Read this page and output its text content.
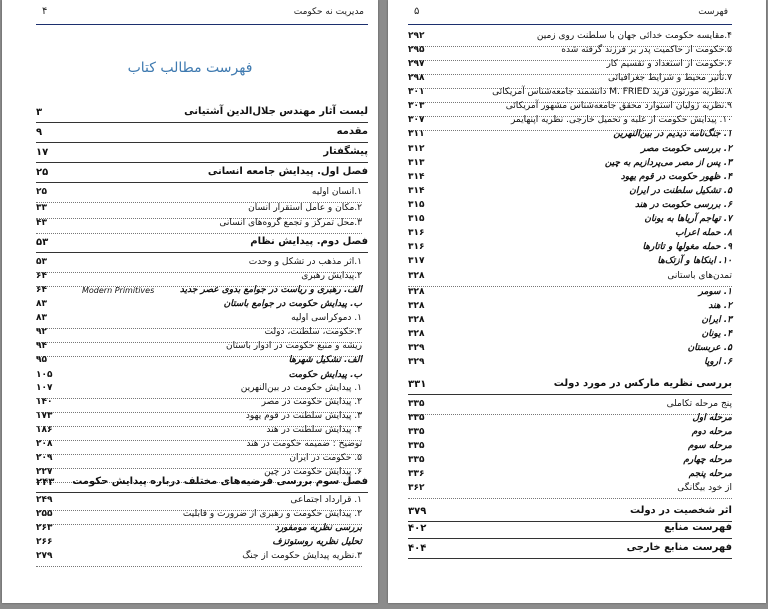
۴	مدیریت نه حکومت
فهرست مطالب کتاب
لیست آثار مهندس جلال‌الدین آشتیانی
۳
مقدمه
۹
پیشگفتار
۱۷
فصل اول. پیدایش جامعه انسانی
۲۵
۱.انسان اولیه
۲۵
۲.مکان و عامل استقرار انسان
۳۳
۳.محل تمرکز و تجمع گروه‌های انسانی
۴۳
فصل دوم. پیدایش نظام
۵۳
۱.اثر مذهب در تشکل و وحدت
۵۳
۲.پیدایش رهبری
۶۴
الف. رهبری و ریاست در جوامع بدوی عصر جدید
Modern Primitives
۶۴
ب. پیدایش حکومت در جوامع باستان
۸۳
۱. دموکراسی اولیه
۸۳
۲.حکومت، سلطنت، دولت
۹۲
ریشه و منبع حکومت در ادوار باستان
۹۴
الف. تشکیل شهرها
۹۵
ب. پیدایش حکومت
۱۰۵
۱. پیدایش حکومت در بین‌النهرین
۱۰۷
۲. پیدایش حکومت در مصر
۱۴۰
۳. پیدایش سلطنت در قوم یهود
۱۷۳
۴. پیدایش سلطنت در هند
۱۸۶
توضیح : ضمیمه حکومت در هند
۲۰۸
۵. حکومت در ایران
۲۰۹
۶. پیدایش حکومت در چین
۲۲۷
فصل سوم بررسی فرضیه‌های مختلف درباره پیدایش حکومت
۲۴۳
۱. قرارداد اجتماعی
۲۴۹
۲. پیدایش حکومت و رهبری از ضرورت و قابلیت
۲۵۵
بررسی نظریه مومفورد
۲۶۳
تحلیل نظریه روستوتزف
۲۶۶
۳.نظریه پیدایش حکومت از جنگ
۲۷۹
۵	فهرست
۴.مقایسه حکومت خدائی جهان با سلطنت روی زمین
۲۹۲
۵.حکومت از حاکمیت پدر بر فرزند گرفته شده
۲۹۵
۶.حکومت از استعداد و تقسیم کار
۲۹۷
۷.تأثیر محیط و شرایط جغرافیائی
۲۹۸
۸.نظریه مورتون فرید M. FRIED دانشمند جامعه‌شناس آمریکائی
۳۰۱
۹.نظریه ژولیان استوارد محقق جامعه‌شناس مشهور آمریکائی
۳۰۳
۱۰. پیدایش حکومت از غلبه و تحمیل خارجی. نظریه اپنهایمر
۳۰۷
۱. جنگ‌نامه دیدیم در بین‌النهرین
۳۱۱
۲. بررسی حکومت مصر
۳۱۲
۳. پس از مصر می‌پردازیم به چین
۳۱۳
۴. ظهور حکومت در قوم یهود
۳۱۴
۵. تشکیل سلطنت در ایران
۳۱۴
۶. بررسی حکومت در هند
۳۱۵
۷. تهاجم آریاها به یونان
۳۱۵
۸. حمله اعراب
۳۱۶
۹. حمله مغولها و تاتارها
۳۱۶
۱۰. اینکاها و آزتک‌ها
۳۱۷
تمدن‌های باستانی
۳۲۸
۱. سومر
۳۲۸
۲. هند
۳۲۸
۳. ایران
۳۲۸
۴. یونان
۳۲۸
۵. عربستان
۳۲۹
۶. اروپا
۳۲۹
بررسی نظریه مارکس در مورد دولت
۳۳۱
پنج مرحله تکاملی
۳۳۵
مرحله اول
۳۳۵
مرحله دوم
۳۳۵
مرحله سوم
۳۳۵
مرحله چهارم
۳۳۵
مرحله پنجم
۳۳۶
از خود بیگانگی
۳۶۲
اثر شخصیت در دولت
۳۷۹
فهرست منابع
۴۰۲
فهرست منابع خارجی
۴۰۴
